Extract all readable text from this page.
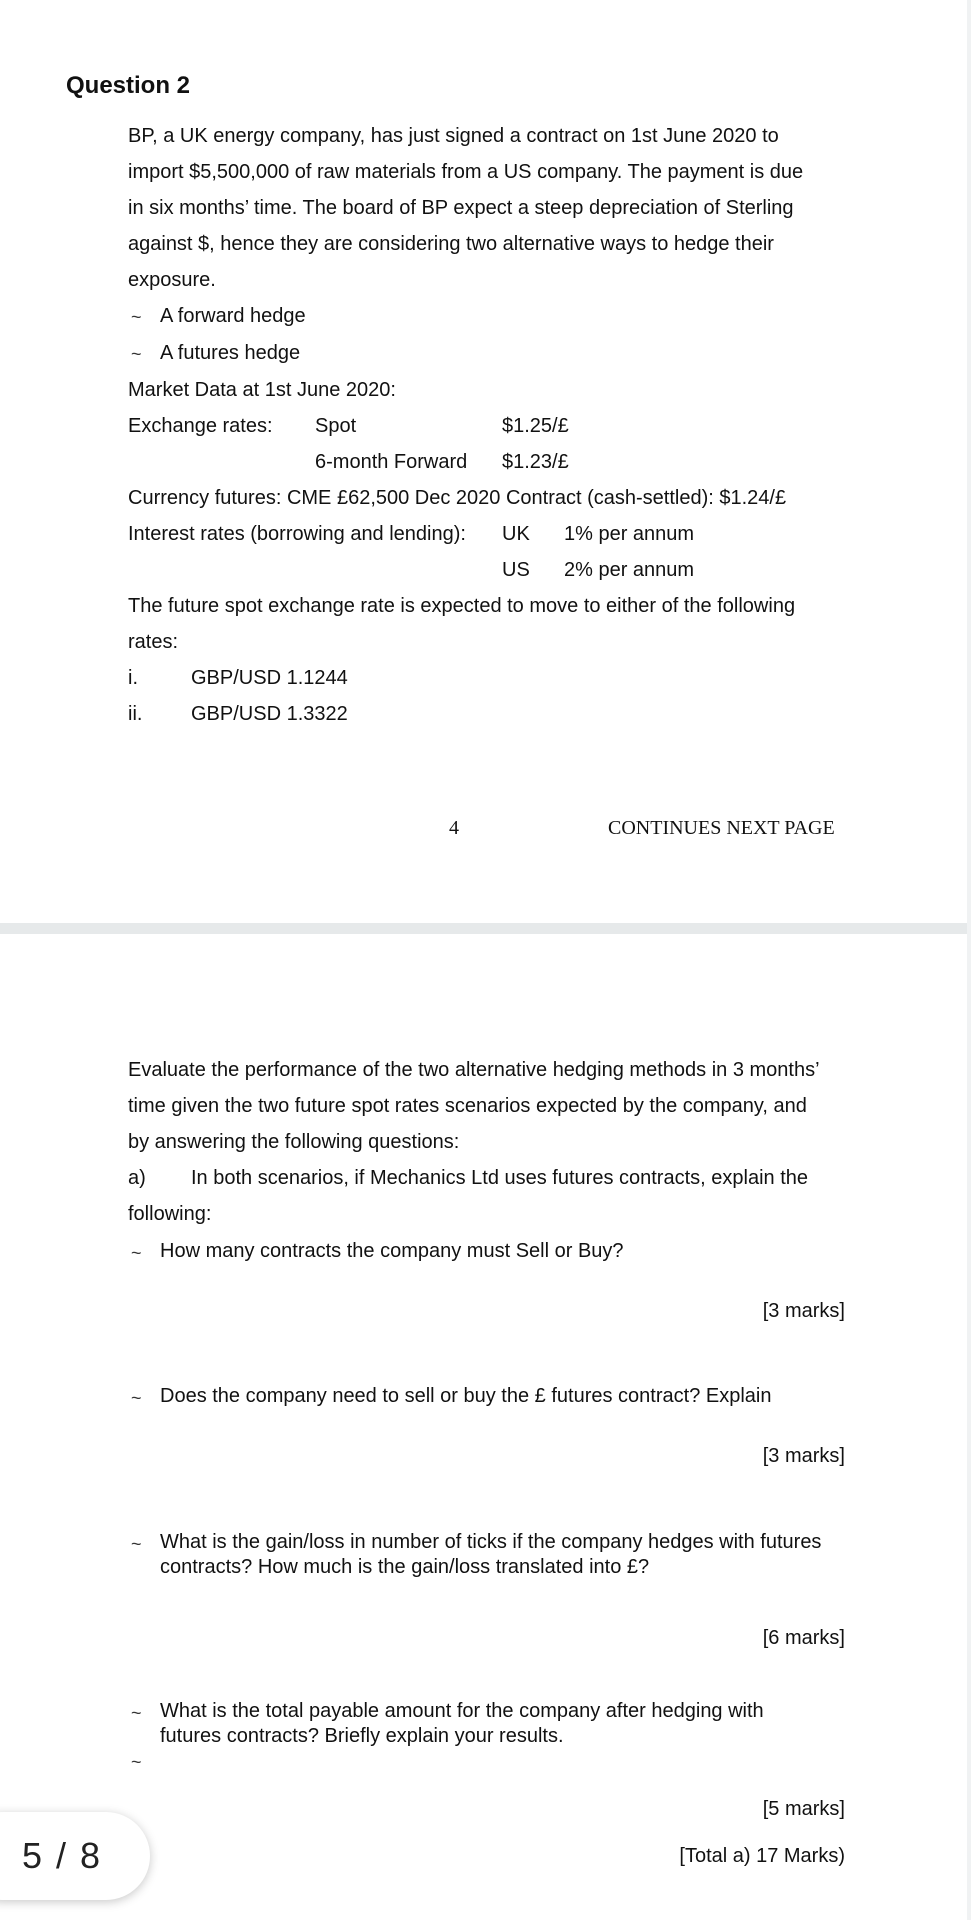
Question 2
BP, a UK energy company, has just signed a contract on 1st June 2020 to
import $5,500,000 of raw materials from a US company. The payment is due
in six months’ time. The board of BP expect a steep depreciation of Sterling
against $, hence they are considering two alternative ways to hedge their
exposure.
~ A forward hedge
~ A futures hedge
Market Data at 1st June 2020:
Exchange rates: Spot	$1.25/£
6-month Forward $1.23/£
Currency futures: CME £62,500 Dec 2020 Contract (cash-settled): $1.24/£
Interest rates (borrowing and lending): UK 1% per annum
US 2% per annum
The future spot exchange rate is expected to move to either of the following
rates:
i.	GBP/USD 1.1244
ii. GBP/USD 1.3322
4	CONTINUES NEXT PAGE
Evaluate the performance of the two alternative hedging methods in 3 months’
time given the two future spot rates scenarios expected by the company, and
by answering the following questions:
a) In both scenarios, if Mechanics Ltd uses futures contracts, explain the
following:
~ How many contracts the company must Sell or Buy?
[3 marks]
~ Does the company need to sell or buy the £ futures contract? Explain
[3 marks]
~ What is the gain/loss in number of ticks if the company hedges with futures
contracts? How much is the gain/loss translated into £?
[6 marks]
~ What is the total payable amount for the company after hedging with
futures contracts? Briefly explain your results.
~
[5 marks]
[Total a) 17 Marks)
5 / 8
